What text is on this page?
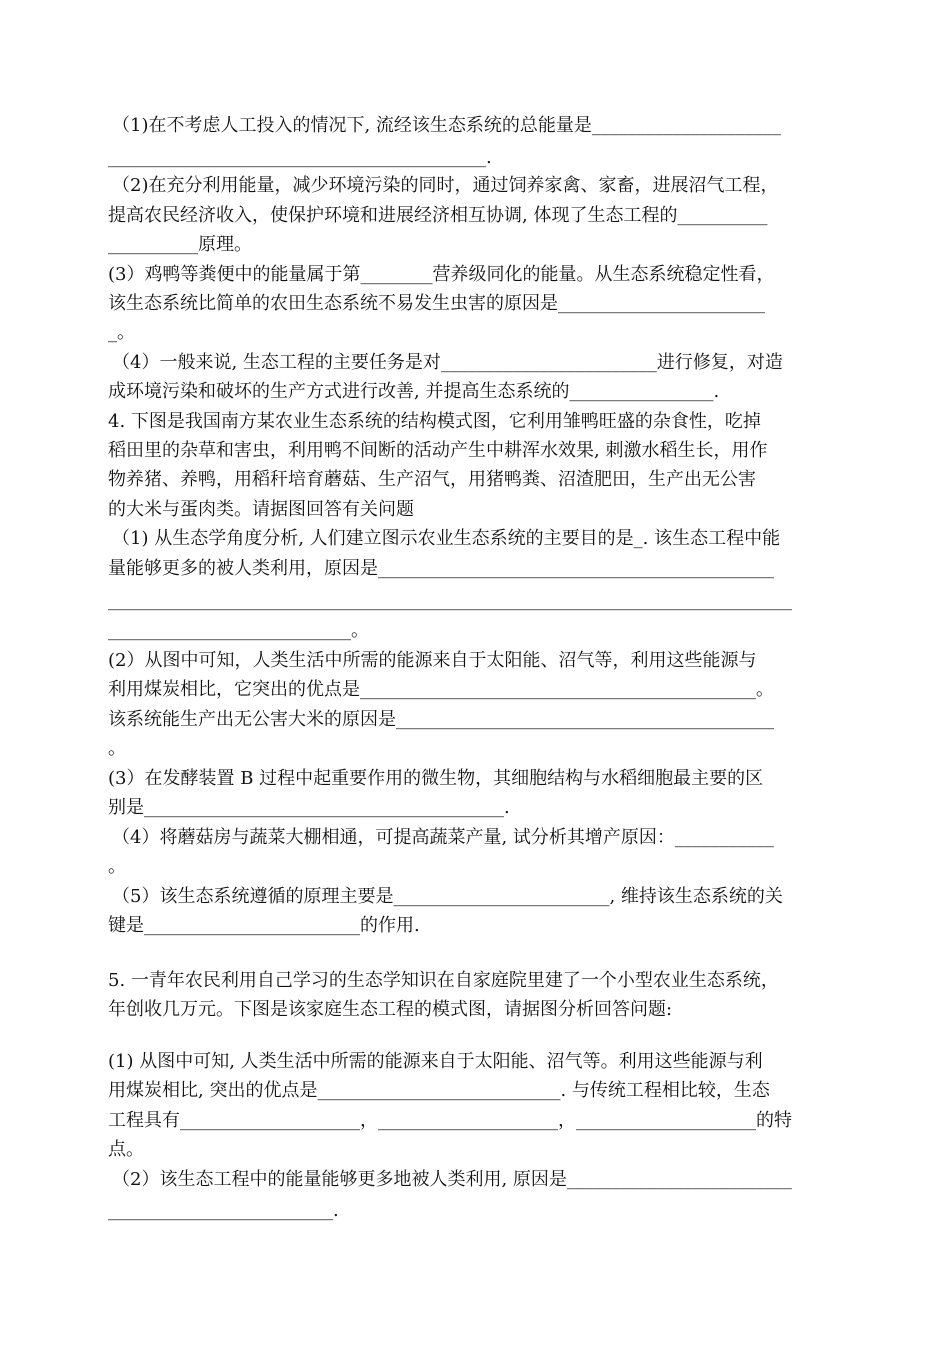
（1)在不考虑人工投入的情况下, 流经该生态系统的总能量是_____________________
__________________________________________.
（2)在充分利用能量，减少环境污染的同时，通过饲养家禽、家畜，进展沼气工程，
提高农民经济收入，使保护环境和进展经济相互协调, 体现了生态工程的__________
__________原理。
(3）鸡鸭等粪便中的能量属于第________营养级同化的能量。从生态系统稳定性看，
该生态系统比简单的农田生态系统不易发生虫害的原因是_______________________
_。
（4）一般来说, 生态工程的主要任务是对________________________进行修复，对造
成环境污染和破坏的生产方式进行改善, 并提高生态系统的________________.
4. 下图是我国南方某农业生态系统的结构模式图，它利用雏鸭旺盛的杂食性，吃掉
稻田里的杂草和害虫，利用鸭不间断的活动产生中耕浑水效果, 刺激水稻生长，用作
物养猪、养鸭，用稻秆培育蘑菇、生产沼气，用猪鸭粪、沼渣肥田，生产出无公害
的大米与蛋肉类。请据图回答有关问题
（1) 从生态学角度分析, 人们建立图示农业生态系统的主要目的是_. 该生态工程中能
量能够更多的被人类利用，原因是____________________________________________
____________________________________________________________________________
___________________________。
(2）从图中可知，人类生活中所需的能源来自于太阳能、沼气等，利用这些能源与
利用煤炭相比，它突出的优点是____________________________________________。
该系统能生产出无公害大米的原因是__________________________________________
。
(3）在发酵装置 B 过程中起重要作用的微生物，其细胞结构与水稻细胞最主要的区
别是________________________________________.
（4）将蘑菇房与蔬菜大棚相通，可提高蔬菜产量, 试分析其增产原因：___________
。
（5）该生态系统遵循的原理主要是________________________, 维持该生态系统的关
键是________________________的作用.
5. 一青年农民利用自己学习的生态学知识在自家庭院里建了一个小型农业生态系统，
年创收几万元。下图是该家庭生态工程的模式图，请据图分析回答问题:
(1) 从图中可知, 人类生活中所需的能源来自于太阳能、沼气等。利用这些能源与利
用煤炭相比, 突出的优点是___________________________. 与传统工程相比较，生态
工程具有____________________，____________________，____________________的特
点。
（2）该生态工程中的能量能够更多地被人类利用, 原因是_________________________
_________________________.
